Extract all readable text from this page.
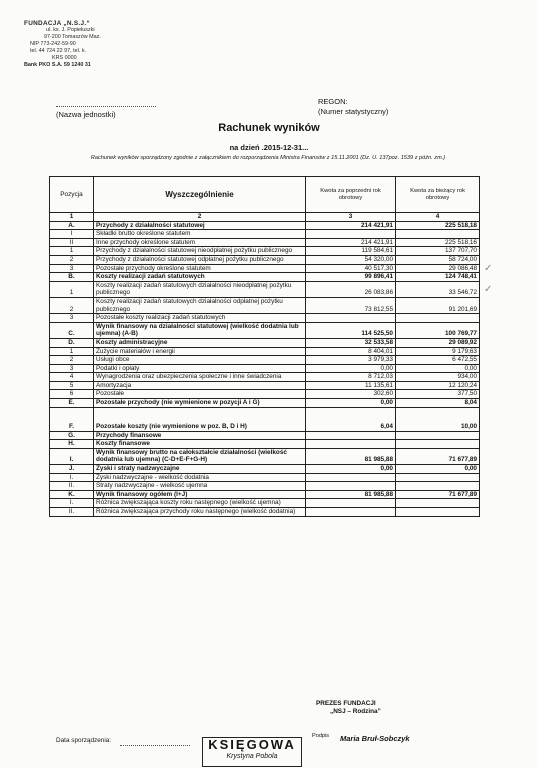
FUNDACJA „N.S.J.“
ul. ks. J. Popiełuszki
97-200 Tomaszów Maz.
NIP 773-242-59-90
tel. 44 724 22 97, tel. k.
KRS 0000
Bank PKO S.A. 59 1240 31
(Nazwa jednostki)
REGON:
(Numer statystyczny)
Rachunek wyników
na dzień .2015-12-31...
Rachunek wyników sporządzony zgodnie z załącznikiem do rozporządzenia Ministra Finansów z 15.11.2001 (Dz. U. 137poz. 1539 z późn. zm.)
Pozycja	Wyszczególnienie	Kwota za poprzedni rok obrotowy	Kwota za bieżący rok obrotowy
1	2	3	4
A.	Przychody z działalności statutowej	214 421,91	225 518,18
I	Składki brutto określone statutem		
II	Inne przychody określone statutem	214 421,91	225 518,16
1	Przychody z działalności statutowej nieodpłatnej pożytku publicznego	119 584,61	137 707,70
2	Przychody z działalności statutowej odpłatnej pożytku publicznego	54 320,00	58 724,00
3	Pozostałe przychody określone statutem	40 517,30	29 086,48
B.	Koszty realizacji zadań statutowych	99 896,41	124 748,41
1	Koszty realizacji zadań statutowych działalności nieodpłatnej pożytku publicznego	26 083,86	33 546,72
2	Koszty realizacji zadań statutowych działalności odpłatnej pożytku publicznego	73 812,55	91 201,69
3	Pozostałe koszty realizacji zadań statutowych		
C.	Wynik finansowy na działalności statutowej (wielkość dodatnia lub ujemna) (A-B)	114 525,50	100 769,77
D.	Koszty administracyjne	32 533,58	29 089,92
1	Zużycie materiałów i energii	8 404,01	9 179,63
2	Usługi obce	3 979,33	6 472,55
3	Podatki i opłaty	0,00	0,00
4	Wynagrodzenia oraz ubezpieczenia społeczne i inne świadczenia	8 712,03	934,00
5	Amortyzacja	11 135,61	12 120,24
6	Pozostałe	302,60	377,50
E.	Pozostałe przychody (nie wymienione w pozycji A i G)	0,00	8,04
F.	Pozostałe koszty (nie wymienione w poz. B, D i H)	6,04	10,00
G.	Przychody finansowe		
H.	Koszty finansowe		
I.	Wynik finansowy brutto na całokształcie działalności (wielkość dodatnia lub ujemna) (C-D+E-F+G-H)	81 985,88	71 677,89
J.	Zyski i straty nadzwyczajne	0,00	0,00
I.	Zyski nadzwyczajne - wielkość dodatnia		
II.	Straty nadzwyczajne - wielkość ujemna		
K.	Wynik finansowy ogółem (I+J)	81 985,88	71 677,89
I.	Różnica zwiększająca koszty roku następnego (wielkość ujemna)		
II.	Różnica zwiększająca przychody roku następnego (wielkość dodatnia)		
✓
✓
PREZES FUNDACJI
„NSJ – Rodzina”
Podpis Maria Bruł-Sobczyk
Data sporządzenia:	KSIĘGOWA
Krystyna Pobola
